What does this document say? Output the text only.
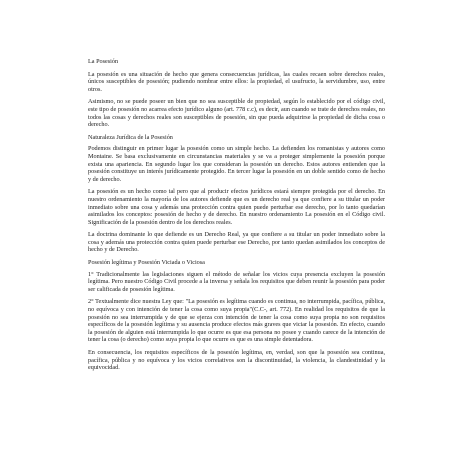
La Posesión

La posesión es una situación de hecho que genera consecuencias jurídicas, las cuales recaen sobre derechos reales, únicos susceptibles de posesión; pudiendo nombrar entre ellos: la propiedad, el usufructo, la servidumbre, uso, entre otros.

Asimismo, no se puede poseer un bien que no sea susceptible de propiedad, según lo establecido por el código civil, este tipo de posesión no acarrea efecto jurídico alguno (art. 778 c.c), es decir, aun cuando se trate de derechos reales, no todos las cosas y derechos reales son susceptibles de posesión, sin que pueda adquirirse la propiedad de dicha cosa o derecho.

Naturaleza Jurídica de la Posesión

Podemos distinguir en primer lugar la posesión como un simple hecho. La defienden los romanistas y autores como Montaine. Se basa exclusivamente en circunstancias materiales y se va a proteger simplemente la posesión porque exista una apariencia. En segundo lugar los que consideran la posesión un derecho. Estos autores entienden que la posesión constituye un interés jurídicamente protegido. En tercer lugar la posesión en un doble sentido como de hecho y de derecho.

La posesión es un hecho como tal pero que al producir efectos jurídicos estará siempre protegida por el derecho. En nuestro ordenamiento la mayoría de los autores defiende que es un derecho real ya que confiere a su titular un poder inmediato sobre una cosa y además una protección contra quien puede perturbar ese derecho, por lo tanto quedarían asimilados los conceptos: posesión de hecho y de derecho. En nuestro ordenamiento La posesión en el Código civil. Significación de la posesión dentro de los derechos reales.

La doctrina dominante lo que defiende es un Derecho Real, ya que confiere a su titular un poder inmediato sobre la cosa y además una protección contra quien puede perturbar ese Derecho, por tanto quedan asimilados los conceptos de hecho y de Derecho.

Posesión legítima y Posesión Viciada o Viciosa

1° Tradicionalmente las legislaciones siguen el método de señalar los vicios cuya presencia excluyen la posesión legítima. Pero nuestro Código Civil procede a la inversa y señala los requisitos que deben reunir la posesión para poder ser calificada de posesión legítima.

2° Textualmente dice nuestra Ley que: "La posesión es legítima cuando es continua, no interrumpida, pacífica, pública, no equívoca y con intención de tener la cosa como suya propia"(C.C-, art. 772). En realidad los requisitos de que la posesión no sea interrumpida y de que se ejerza con intención de tener la cosa como suya propia no son requisitos específicos de la posesión legítima y su ausencia produce efectos más graves que viciar la posesión. En efecto, cuando la posesión de alguien está interrumpida lo que ocurre es que esa persona no posee y cuando carece de la intención de tener la cosa (o derecho) como suya propia lo que ocurre es que es una simple detentadora.

En consecuencia, los requisitos específicos de la posesión legítima, en, verdad, son que la posesión sea continua, pacífica, pública y no equívoca y los vicios correlativos son la discontinuidad, la violencia, la clandestinidad y la equivocidad.
